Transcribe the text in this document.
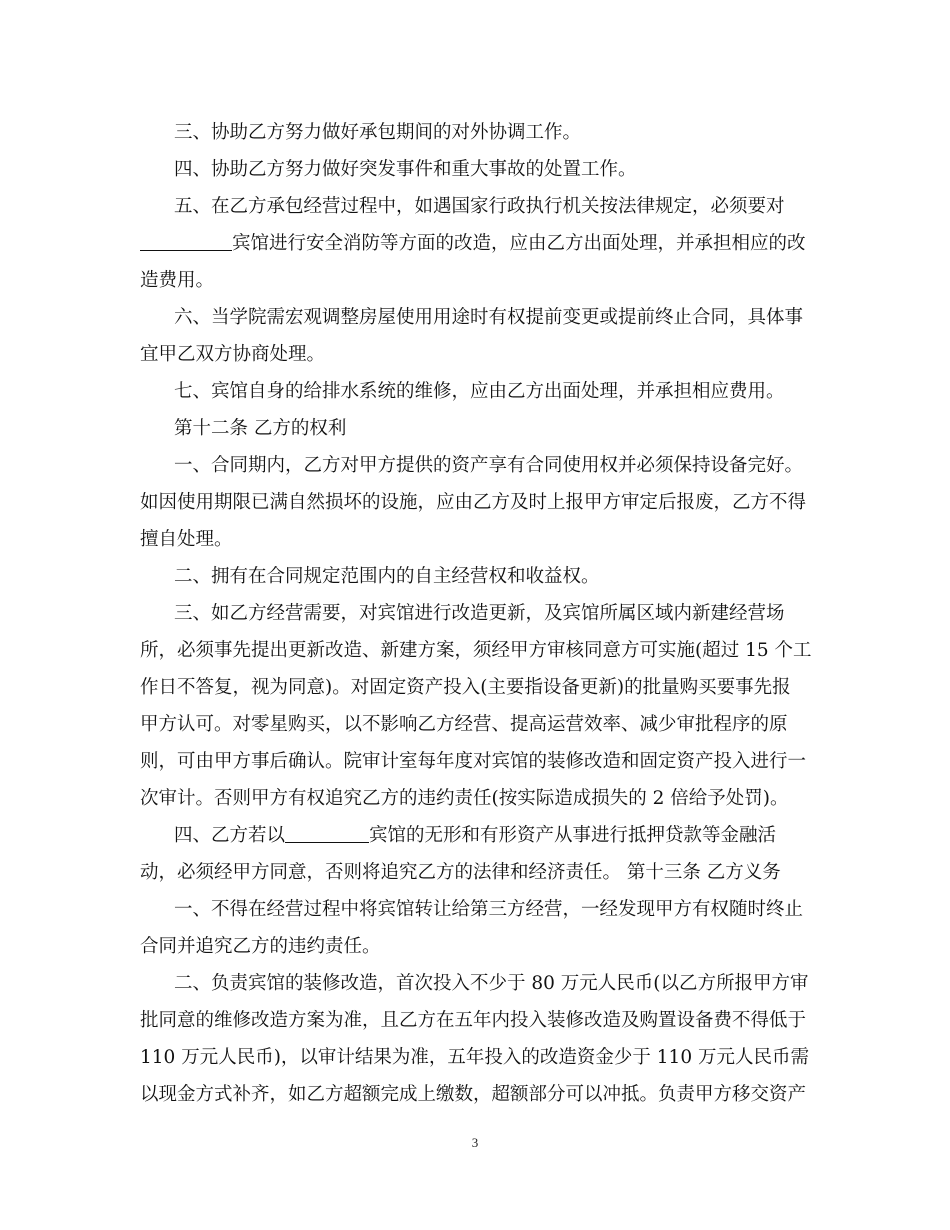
三、协助乙方努力做好承包期间的对外协调工作。
四、协助乙方努力做好突发事件和重大事故的处置工作。
五、在乙方承包经营过程中，如遇国家行政执行机关按法律规定，必须要对
宾馆进行安全消防等方面的改造，应由乙方出面处理，并承担相应的改
造费用。
六、当学院需宏观调整房屋使用用途时有权提前变更或提前终止合同，具体事
宜甲乙双方协商处理。
七、宾馆自身的给排水系统的维修，应由乙方出面处理，并承担相应费用。
第十二条 乙方的权利
一、合同期内，乙方对甲方提供的资产享有合同使用权并必须保持设备完好。
如因使用期限已满自然损坏的设施，应由乙方及时上报甲方审定后报废，乙方不得
擅自处理。
二、拥有在合同规定范围内的自主经营权和收益权。
三、如乙方经营需要，对宾馆进行改造更新，及宾馆所属区域内新建经营场
所，必须事先提出更新改造、新建方案，须经甲方审核同意方可实施(超过 15 个工
作日不答复，视为同意)。对固定资产投入(主要指设备更新)的批量购买要事先报
甲方认可。对零星购买，以不影响乙方经营、提高运营效率、减少审批程序的原
则，可由甲方事后确认。院审计室每年度对宾馆的装修改造和固定资产投入进行一
次审计。否则甲方有权追究乙方的违约责任(按实际造成损失的 2 倍给予处罚)。
四、乙方若以	宾馆的无形和有形资产从事进行抵押贷款等金融活
动，必须经甲方同意，否则将追究乙方的法律和经济责任。 第十三条 乙方义务
一、不得在经营过程中将宾馆转让给第三方经营，一经发现甲方有权随时终止
合同并追究乙方的违约责任。
二、负责宾馆的装修改造，首次投入不少于 80 万元人民币(以乙方所报甲方审
批同意的维修改造方案为准，且乙方在五年内投入装修改造及购置设备费不得低于
110 万元人民币)，以审计结果为准，五年投入的改造资金少于 110 万元人民币需
以现金方式补齐，如乙方超额完成上缴数，超额部分可以冲抵。负责甲方移交资产
3
